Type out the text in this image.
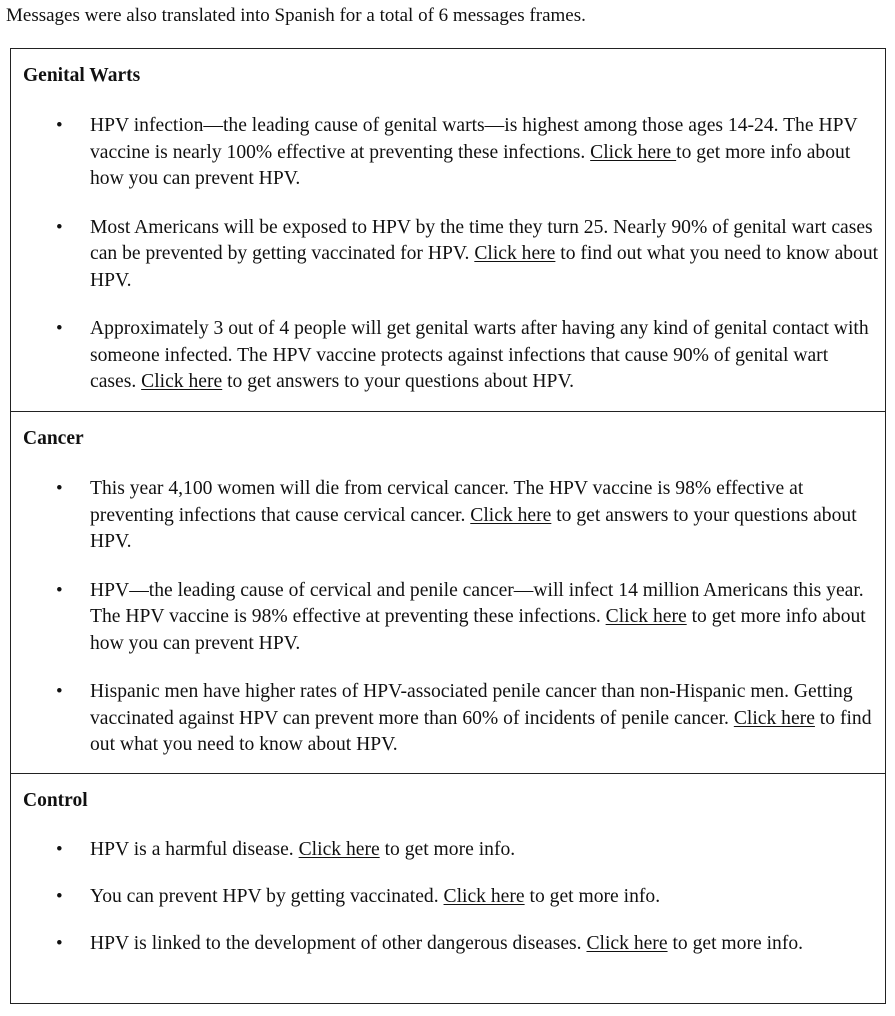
Messages were also translated into Spanish for a total of 6 messages frames.
Genital Warts
• HPV infection—the leading cause of genital warts—is highest among those ages 14-24. The HPV vaccine is nearly 100% effective at preventing these infections. Click here to get more info about how you can prevent HPV.
• Most Americans will be exposed to HPV by the time they turn 25. Nearly 90% of genital wart cases can be prevented by getting vaccinated for HPV. Click here to find out what you need to know about HPV.
• Approximately 3 out of 4 people will get genital warts after having any kind of genital contact with someone infected. The HPV vaccine protects against infections that cause 90% of genital wart cases. Click here to get answers to your questions about HPV.
Cancer
• This year 4,100 women will die from cervical cancer. The HPV vaccine is 98% effective at preventing infections that cause cervical cancer. Click here to get answers to your questions about HPV.
• HPV—the leading cause of cervical and penile cancer—will infect 14 million Americans this year. The HPV vaccine is 98% effective at preventing these infections. Click here to get more info about how you can prevent HPV.
• Hispanic men have higher rates of HPV-associated penile cancer than non-Hispanic men. Getting vaccinated against HPV can prevent more than 60% of incidents of penile cancer. Click here to find out what you need to know about HPV.
Control
• HPV is a harmful disease. Click here to get more info.
• You can prevent HPV by getting vaccinated. Click here to get more info.
• HPV is linked to the development of other dangerous diseases. Click here to get more info.
